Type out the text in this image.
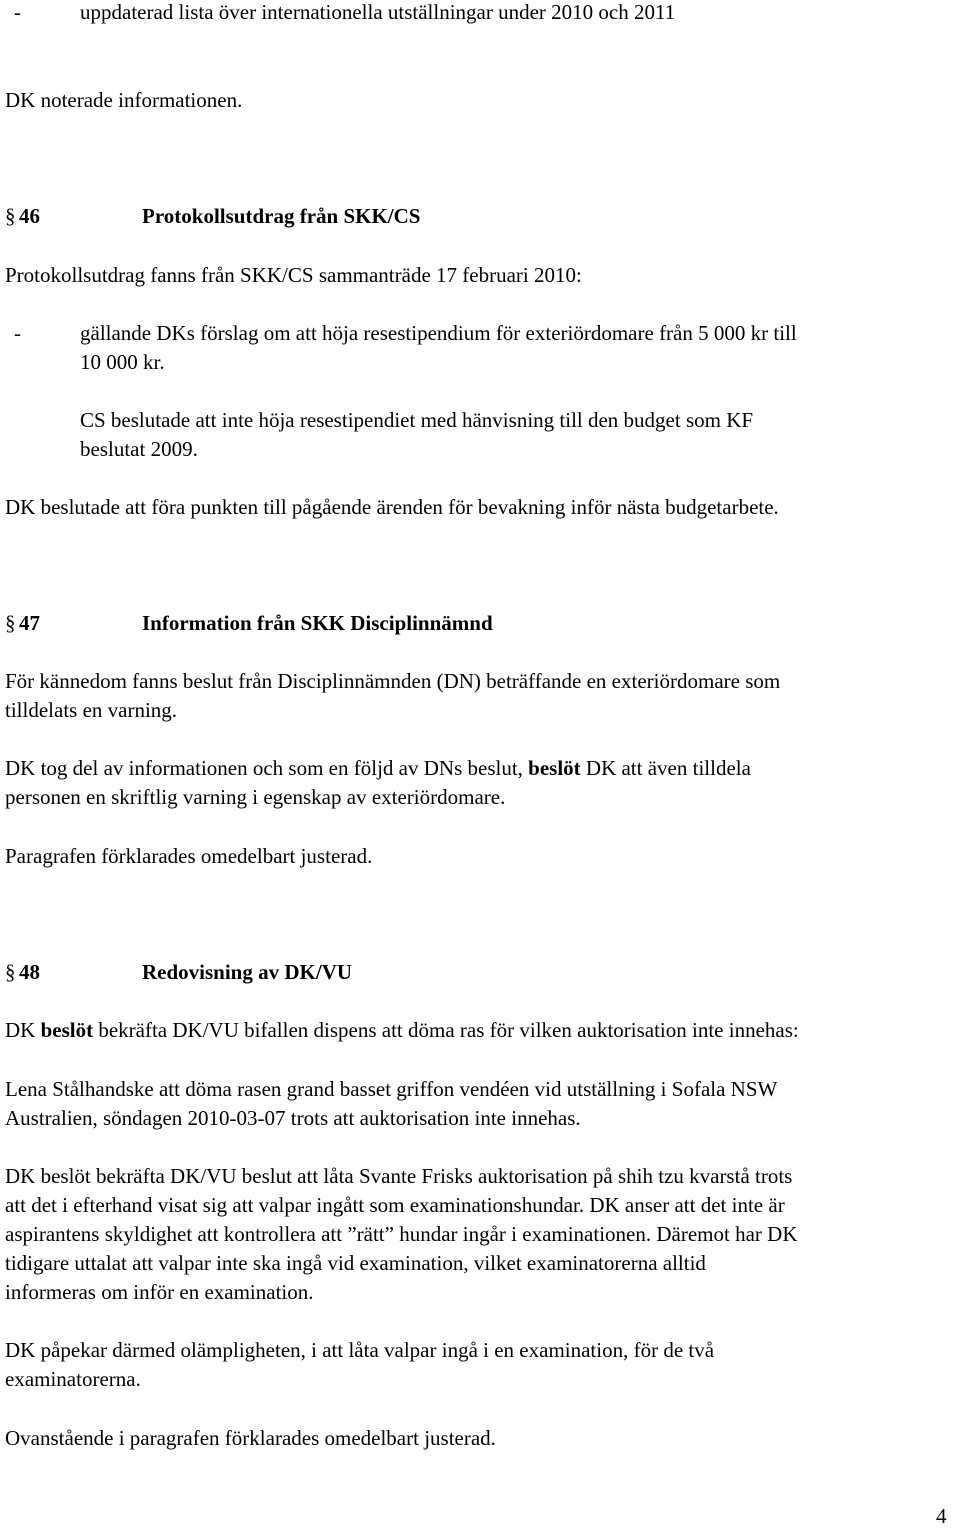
-	uppdaterad lista över internationella utställningar under 2010 och 2011
DK noterade informationen.
§ 46	Protokollsutdrag från SKK/CS
Protokollsutdrag fanns från SKK/CS sammanträde 17 februari 2010:
-	gällande DKs förslag om att höja resestipendium för exteriördomare från 5 000 kr till
10 000 kr.
CS beslutade att inte höja resestipendiet med hänvisning till den budget som KF
beslutat 2009.
DK beslutade att föra punkten till pågående ärenden för bevakning inför nästa budgetarbete.
§ 47	Information från SKK Disciplinnämnd
För kännedom fanns beslut från Disciplinnämnden (DN) beträffande en exteriördomare som
tilldelats en varning.
DK tog del av informationen och som en följd av DNs beslut, beslöt DK att även tilldela
personen en skriftlig varning i egenskap av exteriördomare.
Paragrafen förklarades omedelbart justerad.
§ 48	Redovisning av DK/VU
DK beslöt bekräfta DK/VU bifallen dispens att döma ras för vilken auktorisation inte innehas:
Lena Stålhandske att döma rasen grand basset griffon vendéen vid utställning i Sofala NSW
Australien, söndagen 2010-03-07 trots att auktorisation inte innehas.
DK beslöt bekräfta DK/VU beslut att låta Svante Frisks auktorisation på shih tzu kvarstå trots
att det i efterhand visat sig att valpar ingått som examinationshundar. DK anser att det inte är
aspirantens skyldighet att kontrollera att ”rätt” hundar ingår i examinationen. Däremot har DK
tidigare uttalat att valpar inte ska ingå vid examination, vilket examinatorerna alltid
informeras om inför en examination.
DK påpekar därmed olämpligheten, i att låta valpar ingå i en examination, för de två
examinatorerna.
Ovanstående i paragrafen förklarades omedelbart justerad.
4
